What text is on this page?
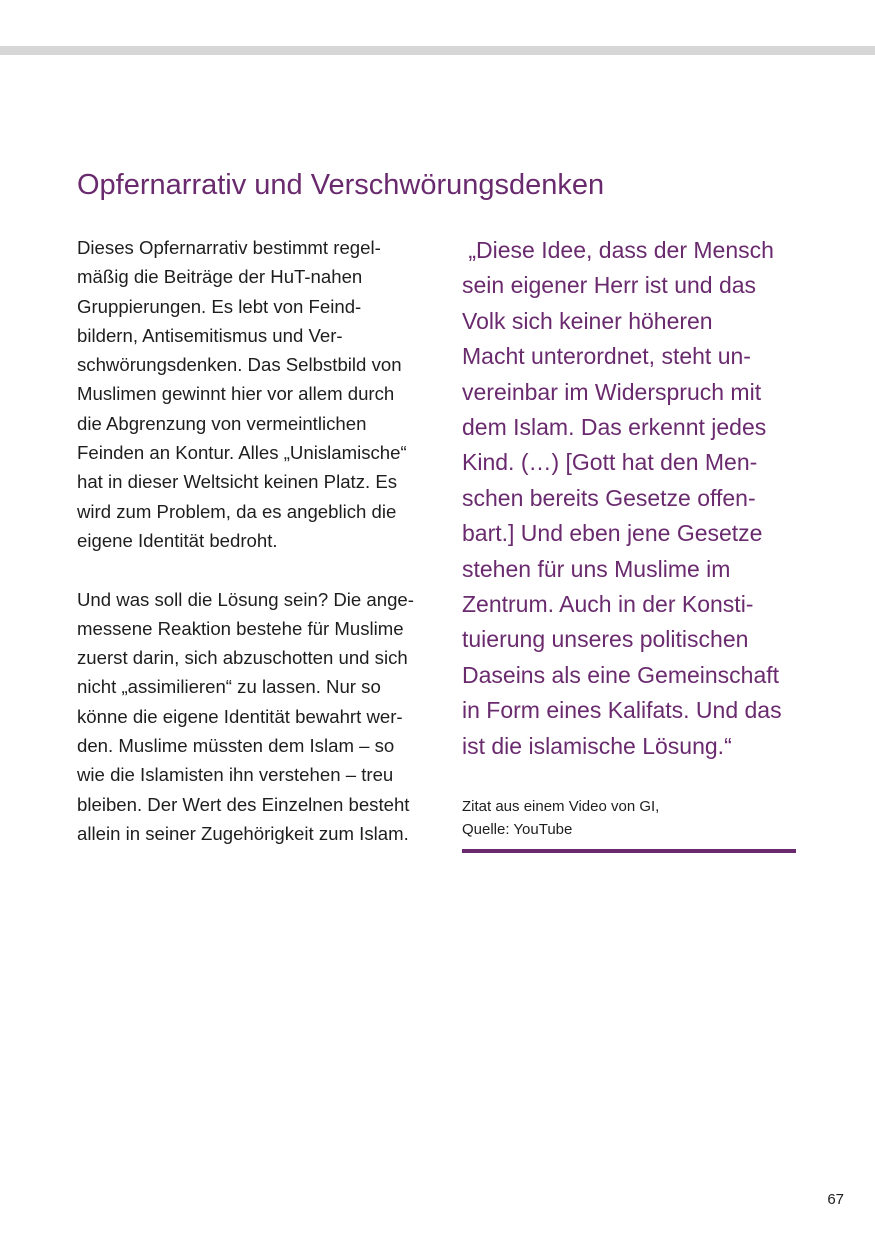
Opfernarrativ und Verschwörungsdenken
Dieses Opfernarrativ bestimmt regel-
mäßig die Beiträge der HuT-nahen
Gruppierungen. Es lebt von Feind-
bildern, Antisemitismus und Ver-
schwörungsdenken. Das Selbstbild von
Muslimen gewinnt hier vor allem durch
die Abgrenzung von vermeintlichen
Feinden an Kontur. Alles „Unislamische“
hat in dieser Weltsicht keinen Platz. Es
wird zum Problem, da es angeblich die
eigene Identität bedroht.
Und was soll die Lösung sein? Die ange-
messene Reaktion bestehe für Muslime
zuerst darin, sich abzuschotten und sich
nicht „assimilieren“ zu lassen. Nur so
könne die eigene Identität bewahrt wer-
den. Muslime müssten dem Islam – so
wie die Islamisten ihn verstehen – treu
bleiben. Der Wert des Einzelnen besteht
allein in seiner Zugehörigkeit zum Islam.
„Diese Idee, dass der Mensch
sein eigener Herr ist und das
Volk sich keiner höheren
Macht unterordnet, steht un-
vereinbar im Widerspruch mit
dem Islam. Das erkennt jedes
Kind. (…) [Gott hat den Men-
schen bereits Gesetze offen-
bart.] Und eben jene Gesetze
stehen für uns Muslime im
Zentrum. Auch in der Konsti-
tuierung unseres politischen
Daseins als eine Gemeinschaft
in Form eines Kalifats. Und das
ist die islamische Lösung.“
Zitat aus einem Video von GI,
Quelle: YouTube
67
